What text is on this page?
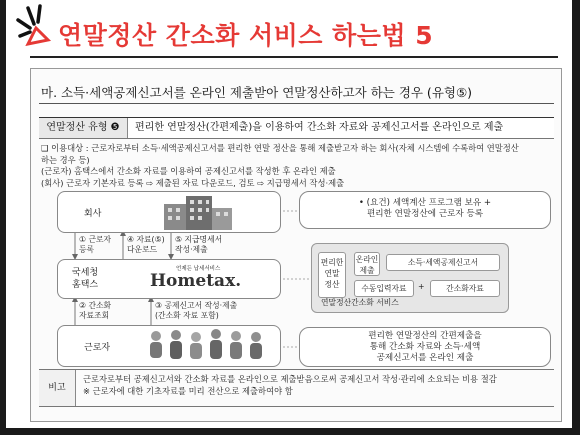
연말정산 간소화 서비스 하는법 5
마. 소득·세액공제신고서를 온라인 제출받아 연말정산하고자 하는 경우 (유형⑤)
연말정산 유형 ❺	편리한 연말정산(간편제출)을 이용하여 간소화 자료와 공제신고서를 온라인으로 제출
❑ 이용대상 : 근로자로부터 소득·세액공제신고서를 편리한 연말 정산을 통해 제출받고자 하는 회사(자체 시스템에 수록하여 연말정산
하는 경우 등)
(근로자) 홈택스에서 간소화 자료를 이용하여 공제신고서를 작성한 후 온라인 제출
(회사) 근로자 기본자료 등록 ⇨ 제출된 자료 다운로드, 검토 ⇨ 지급명세서 작성·제출
회사
① 근로자
등록
④ 자료(⑤)
다운로드
⑤ 지급명세서
작성·제출
국세청
홈택스
언제든 납세서비스
Hometax.
② 간소화
자료조회
③ 공제신고서 작성·제출
(간소화 자료 포함)
근로자
• (요건) 세액계산 프로그램 보유 +
편리한 연말정산에 근로자 등록
편리한
연말
정산
온라인
제출
소득·세액공제신고서
수동입력자료	+	간소화자료
연말정산간소화 서비스
편리한 연말정산의 간편제출을
통해 간소화 자료와 소득·세액
공제신고서를 온라인 제출
비고
근로자로부터 공제신고서와 간소화 자료를 온라인으로 제출받음으로써 공제신고서 작성·관리에 소요되는 비용 절감
※ 근로자에 대한 기초자료를 미리 전산으로 제출하여야 함
